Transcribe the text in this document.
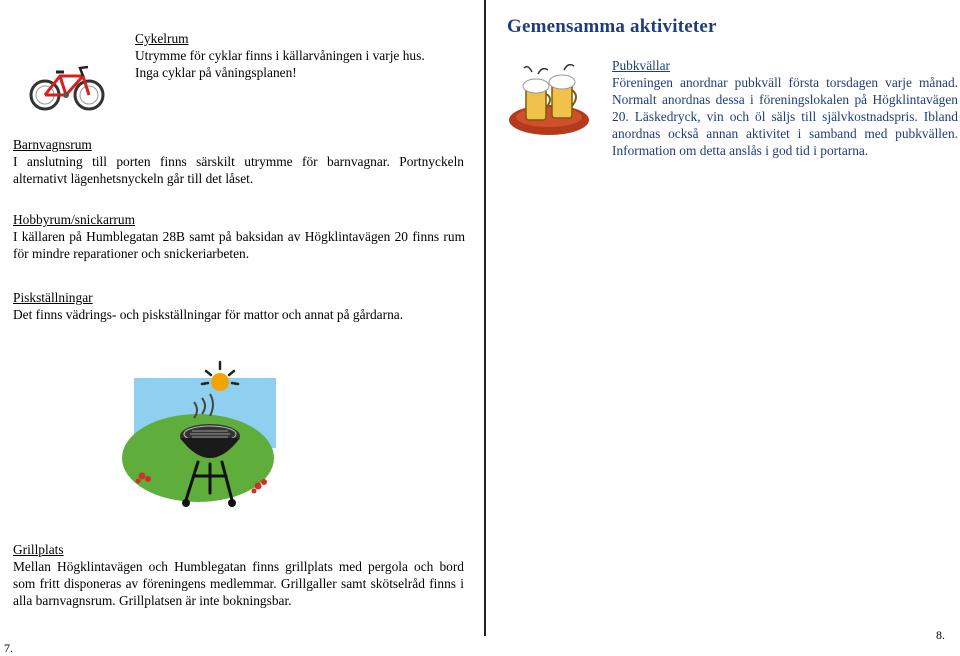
Cykelrum
Utrymme för cyklar finns i källarvåningen i varje hus.
Inga cyklar på våningsplanen!
Barnvagnsrum
I anslutning till porten finns särskilt utrymme för barnvagnar. Portnyckeln alternativt lägenhetsnyckeln går till det låset.
Hobbyrum/snickarrum
I källaren på Humblegatan 28B samt på baksidan av Högklintavägen 20 finns rum för mindre reparationer och snickeriarbeten.
Piskställningar
Det finns vädrings- och piskställningar för mattor och annat på gårdarna.
Grillplats
Mellan Högklintavägen och Humblegatan finns grillplats med pergola och bord som fritt disponeras av föreningens medlemmar. Grillgaller samt skötselråd finns i alla barnvagnsrum. Grillplatsen är inte bokningsbar.
7.
Gemensamma aktiviteter
Pubkvällar
Föreningen anordnar pubkväll första torsdagen varje månad. Normalt anordnas dessa i föreningslokalen på Högklintavägen 20. Läskedryck, vin och öl säljs till självkostnadspris. Ibland anordnas också annan aktivitet i samband med pubkvällen. Information om detta anslås i god tid i portarna.
8.
